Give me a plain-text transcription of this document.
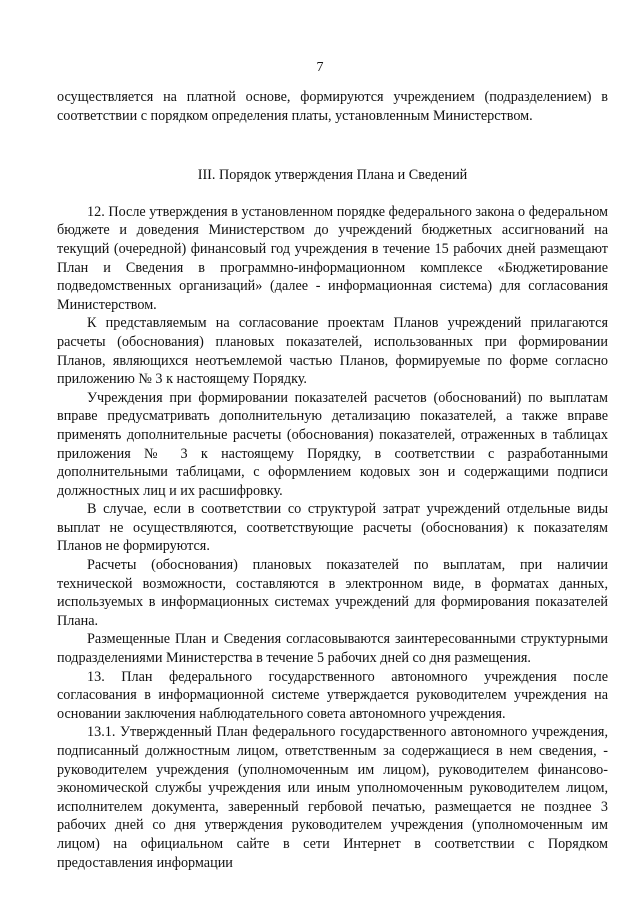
7

осуществляется на платной основе, формируются учреждением (подразделением) в соответствии с порядком определения платы, установленным Министерством.

III. Порядок утверждения Плана и Сведений

12. После утверждения в установленном порядке федерального закона о федеральном бюджете и доведения Министерством до учреждений бюджетных ассигнований на текущий (очередной) финансовый год учреждения в течение 15 рабочих дней размещают План и Сведения в программно-информационном комплексе «Бюджетирование подведомственных организаций» (далее - информационная система) для согласования Министерством.

К представляемым на согласование проектам Планов учреждений прилагаются расчеты (обоснования) плановых показателей, использованных при формировании Планов, являющихся неотъемлемой частью Планов, формируемые по форме согласно приложению № 3 к настоящему Порядку.

Учреждения при формировании показателей расчетов (обоснований) по выплатам вправе предусматривать дополнительную детализацию показателей, а также вправе применять дополнительные расчеты (обоснования) показателей, отраженных в таблицах приложения № 3 к настоящему Порядку, в соответствии с разработанными дополнительными таблицами, с оформлением кодовых зон и содержащими подписи должностных лиц и их расшифровку.

В случае, если в соответствии со структурой затрат учреждений отдельные виды выплат не осуществляются, соответствующие расчеты (обоснования) к показателям Планов не формируются.

Расчеты (обоснования) плановых показателей по выплатам, при наличии технической возможности, составляются в электронном виде, в форматах данных, используемых в информационных системах учреждений для формирования показателей Плана.

Размещенные План и Сведения согласовываются заинтересованными структурными подразделениями Министерства в течение 5 рабочих дней со дня размещения.

13. План федерального государственного автономного учреждения после согласования в информационной системе утверждается руководителем учреждения на основании заключения наблюдательного совета автономного учреждения.

13.1. Утвержденный План федерального государственного автономного учреждения, подписанный должностным лицом, ответственным за содержащиеся в нем сведения, - руководителем учреждения (уполномоченным им лицом), руководителем финансово-экономической службы учреждения или иным уполномоченным руководителем лицом, исполнителем документа, заверенный гербовой печатью, размещается не позднее 3 рабочих дней со дня утверждения руководителем учреждения (уполномоченным им лицом) на официальном сайте в сети Интернет в соответствии с Порядком предоставления информации
